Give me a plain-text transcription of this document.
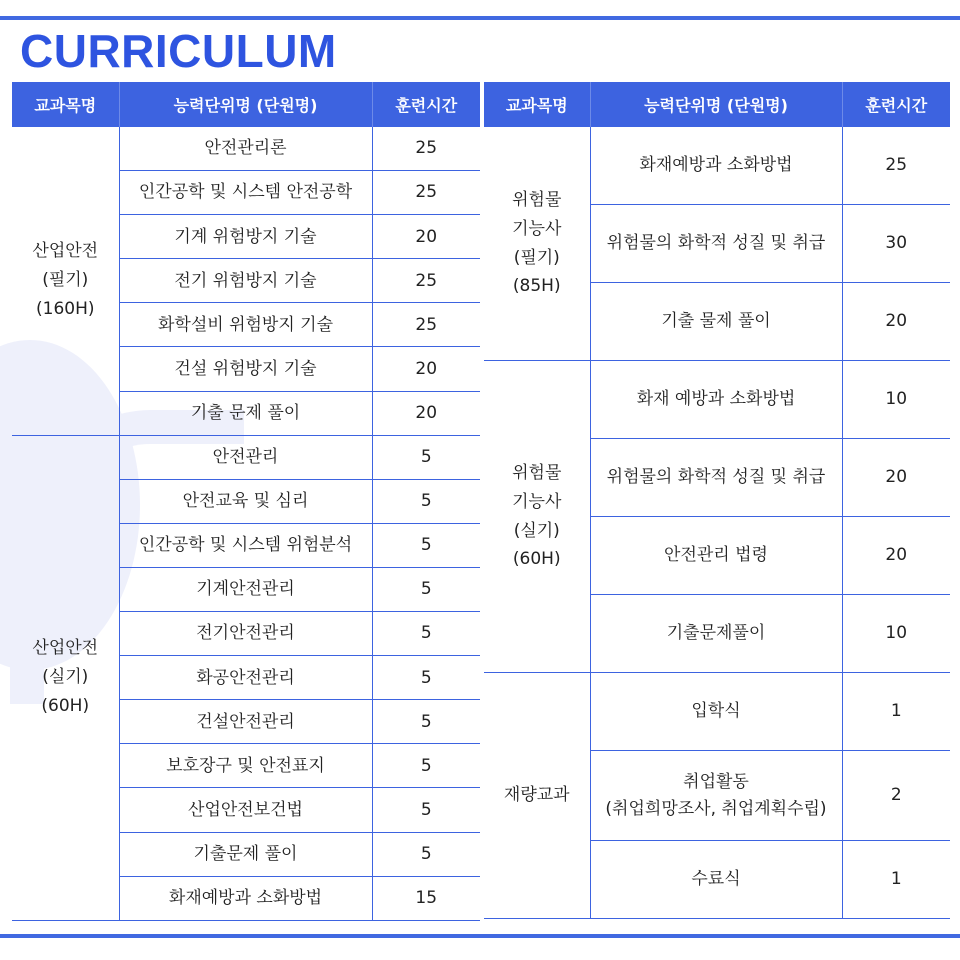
CURRICULUM
교과목명	능력단위명 (단원명)	훈련시간

산업안전
(필기)
(160H)	안전관리론	25
	인간공학 및 시스템 안전공학	25
	기계 위험방지 기술	20
	전기 위험방지 기술	25
	화학설비 위험방지 기술	25
	건설 위험방지 기술	20
	기출 문제 풀이	20

산업안전
(실기)
(60H)	안전관리	5
	안전교육 및 심리	5
	인간공학 및 시스템 위험분석	5
	기계안전관리	5
	전기안전관리	5
	화공안전관리	5
	건설안전관리	5
	보호장구 및 안전표지	5
	산업안전보건법	5
	기출문제 풀이	5
	화재예방과 소화방법	15
교과목명	능력단위명 (단원명)	훈련시간

위험물
기능사
(필기)
(85H)	화재예방과 소화방법	25
	위험물의 화학적 성질 및 취급	30
	기출 물제 풀이	20

위험물
기능사
(실기)
(60H)	화재 예방과 소화방법	10
	위험물의 화학적 성질 및 취급	20
	안전관리 법령	20
	기출문제풀이	10

재량교과	입학식	1

	취업활동
(취업희망조사, 취업계획수립)	2
	수료식	1
